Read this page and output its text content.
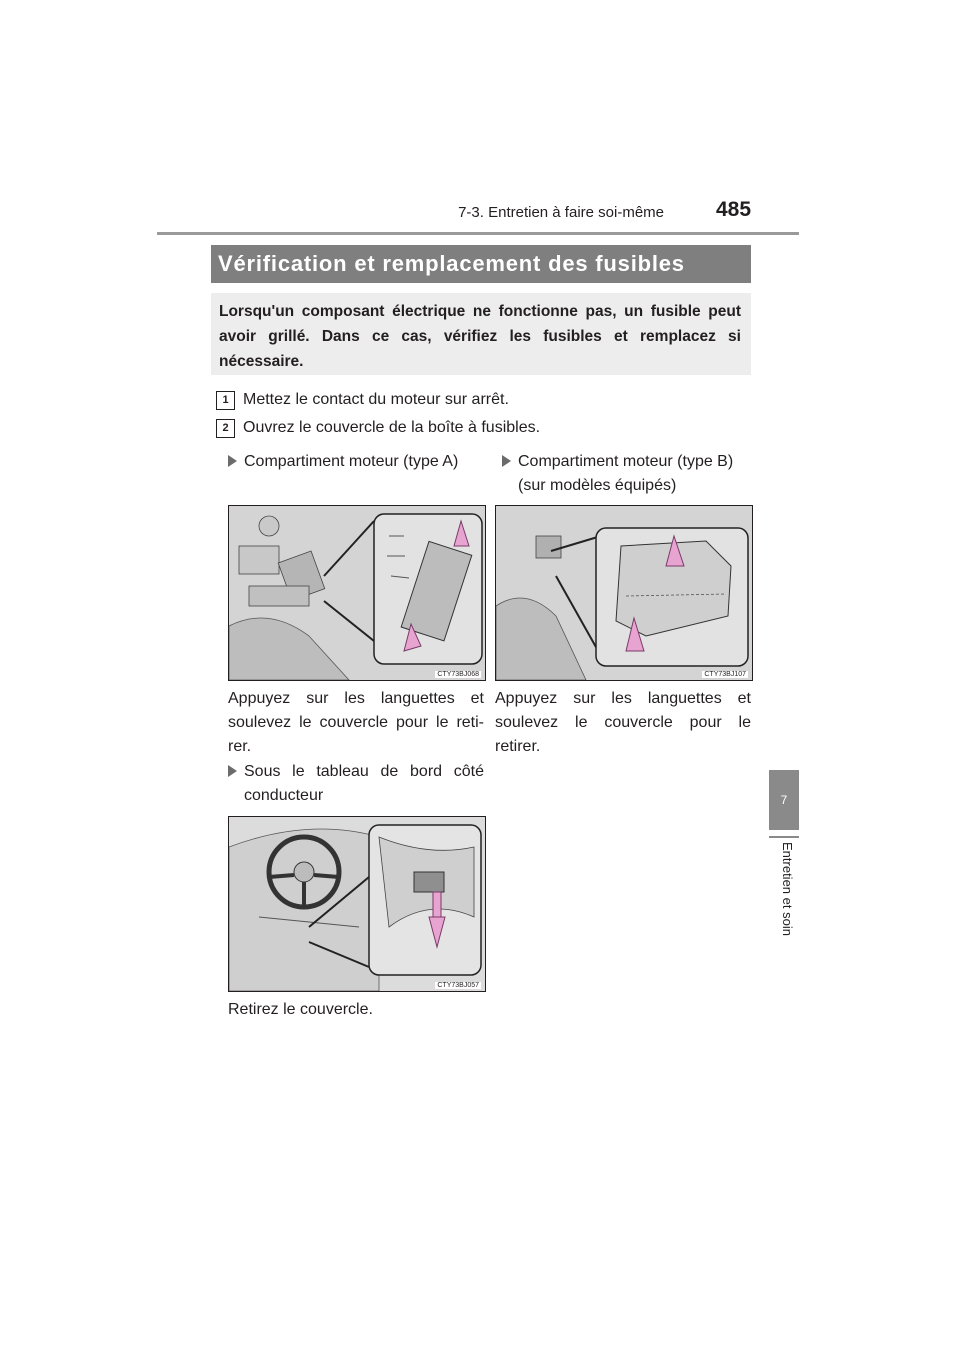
7-3. Entretien à faire soi-même 485
Vérification et remplacement des fusibles
Lorsqu'un composant électrique ne fonctionne pas, un fusible peut avoir grillé. Dans ce cas, vérifiez les fusibles et remplacez si nécessaire.
1 Mettez le contact du moteur sur arrêt.
2 Ouvrez le couvercle de la boîte à fusibles.
Compartiment moteur (type A)	Compartiment moteur (type B) (sur modèles équipés)
CTY73BJ068	CTY73BJ107
Appuyez sur les languettes et soulevez le couvercle pour le reti-rer.
Appuyez sur les languettes et soulevez le couvercle pour le retirer.
Sous le tableau de bord côté conducteur
CTY73BJ057
Retirez le couvercle.
7
Entretien et soin
